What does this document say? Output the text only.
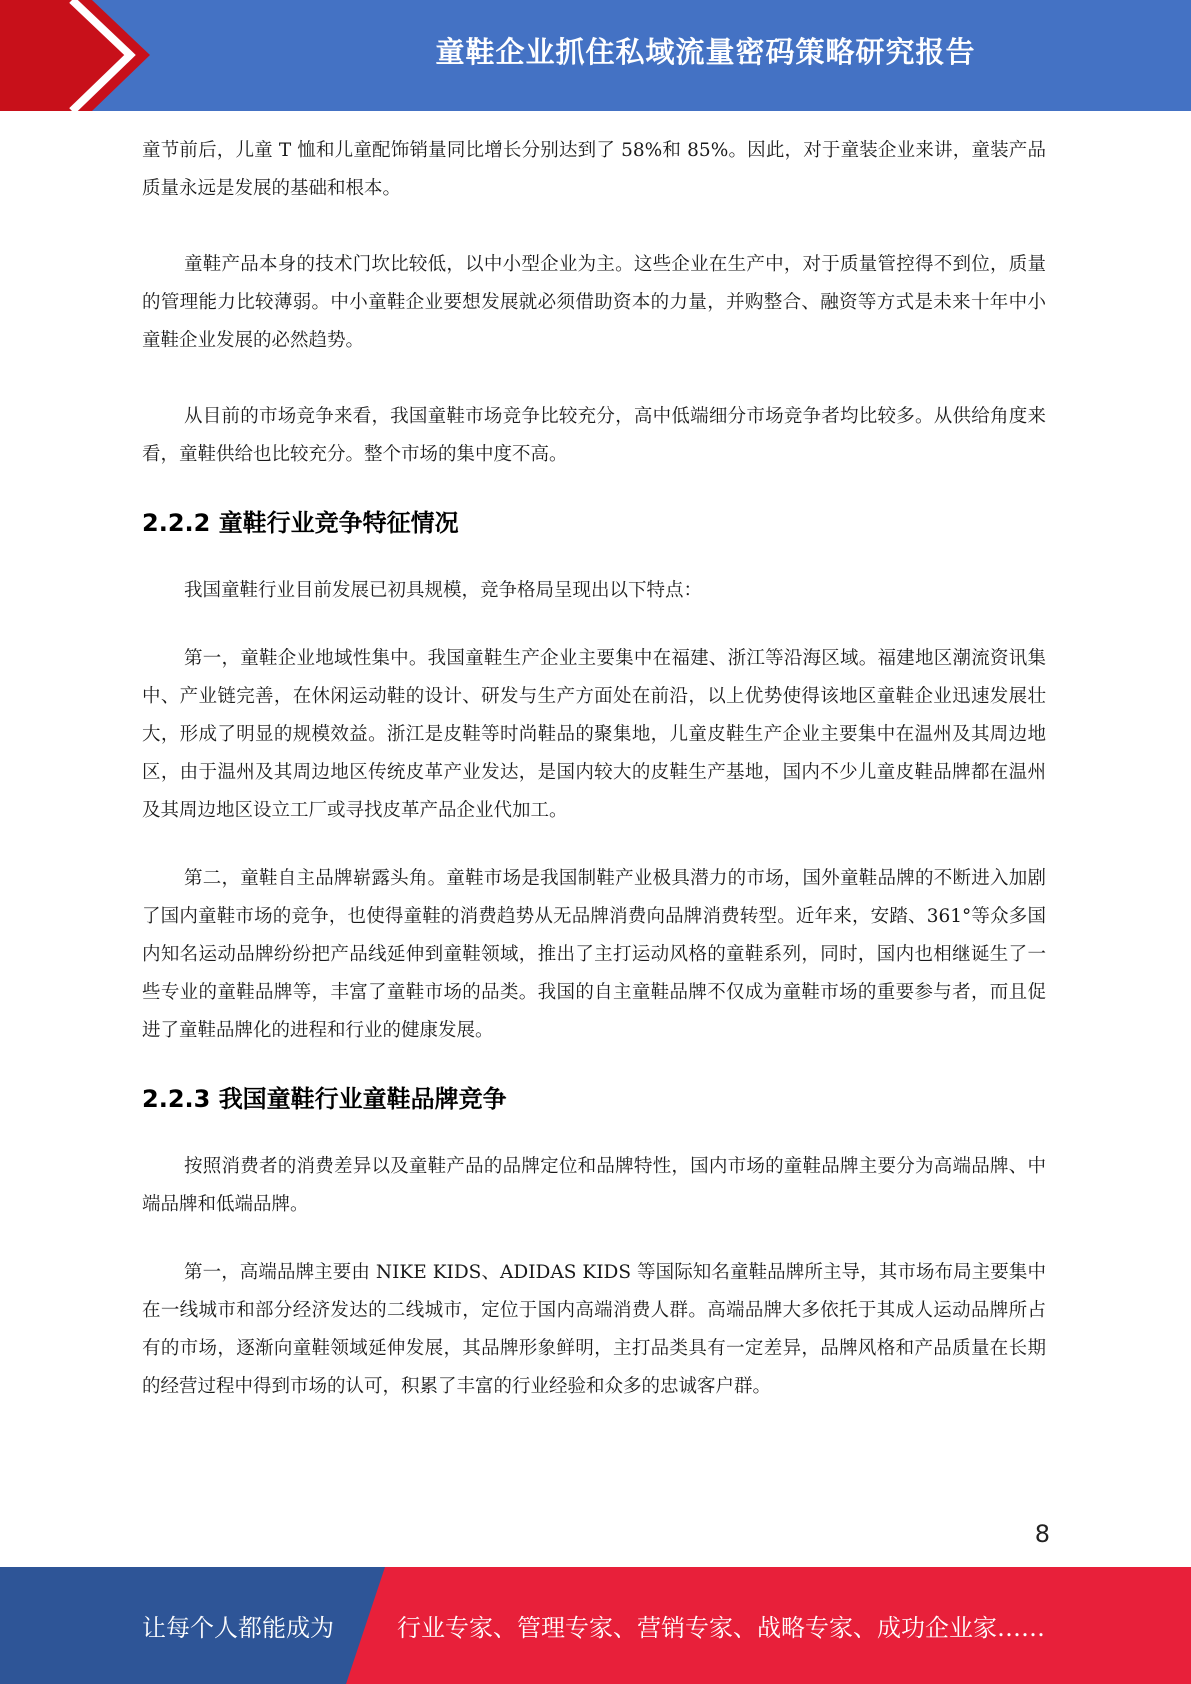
童鞋企业抓住私域流量密码策略研究报告

童节前后，儿童 T 恤和儿童配饰销量同比增长分别达到了 58%和 85%。因此，对于童装企业来讲，童装产品质量永远是发展的基础和根本。

童鞋产品本身的技术门坎比较低，以中小型企业为主。这些企业在生产中，对于质量管控得不到位，质量的管理能力比较薄弱。中小童鞋企业要想发展就必须借助资本的力量，并购整合、融资等方式是未来十年中小童鞋企业发展的必然趋势。

从目前的市场竞争来看，我国童鞋市场竞争比较充分，高中低端细分市场竞争者均比较多。从供给角度来看，童鞋供给也比较充分。整个市场的集中度不高。

2.2.2 童鞋行业竞争特征情况

我国童鞋行业目前发展已初具规模，竞争格局呈现出以下特点：

第一，童鞋企业地域性集中。我国童鞋生产企业主要集中在福建、浙江等沿海区域。福建地区潮流资讯集中、产业链完善，在休闲运动鞋的设计、研发与生产方面处在前沿，以上优势使得该地区童鞋企业迅速发展壮大，形成了明显的规模效益。浙江是皮鞋等时尚鞋品的聚集地，儿童皮鞋生产企业主要集中在温州及其周边地区，由于温州及其周边地区传统皮革产业发达，是国内较大的皮鞋生产基地，国内不少儿童皮鞋品牌都在温州及其周边地区设立工厂或寻找皮革产品企业代加工。

第二，童鞋自主品牌崭露头角。童鞋市场是我国制鞋产业极具潜力的市场，国外童鞋品牌的不断进入加剧了国内童鞋市场的竞争，也使得童鞋的消费趋势从无品牌消费向品牌消费转型。近年来，安踏、361°等众多国内知名运动品牌纷纷把产品线延伸到童鞋领域，推出了主打运动风格的童鞋系列，同时，国内也相继诞生了一些专业的童鞋品牌等，丰富了童鞋市场的品类。我国的自主童鞋品牌不仅成为童鞋市场的重要参与者，而且促进了童鞋品牌化的进程和行业的健康发展。

2.2.3 我国童鞋行业童鞋品牌竞争

按照消费者的消费差异以及童鞋产品的品牌定位和品牌特性，国内市场的童鞋品牌主要分为高端品牌、中端品牌和低端品牌。

第一，高端品牌主要由 NIKE KIDS、ADIDAS KIDS 等国际知名童鞋品牌所主导，其市场布局主要集中在一线城市和部分经济发达的二线城市，定位于国内高端消费人群。高端品牌大多依托于其成人运动品牌所占有的市场，逐渐向童鞋领域延伸发展，其品牌形象鲜明，主打品类具有一定差异，品牌风格和产品质量在长期的经营过程中得到市场的认可，积累了丰富的行业经验和众多的忠诚客户群。

8
让每个人都能成为	行业专家、管理专家、营销专家、战略专家、成功企业家……
